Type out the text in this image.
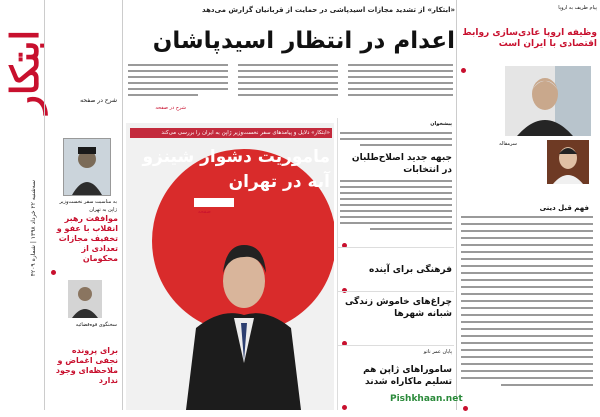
ابتکار
سه‌شنبه ۲۲ خرداد ۱۳۹۸ | شماره ۴۲۰۹
شرح در صفحه
به مناسبت سفر نخست‌وزیر ژاپن به تهران
موافقت رهبر انقلاب با عفو و تخفیف مجازات تعدادی از محکومان
سخنگوی قوه‌قضائیه
برای پرونده نجفی اغماض و ملاحظه‌ای وجود ندارد
«ابتکار» از تشدید مجازات اسیدپاشی در حمایت از قربانیان گزارش می‌دهد
اعدام در انتظار اسیدپاشان
شرح در صفحه
«ابتکار» دلایل و پیامدهای سفر نخست‌وزیر ژاپن به ایران را بررسی می‌کند
ماموریت دشوار شینزو آبه در تهران
صفحه
پیشخوان
جبهه جدید اصلاح‌طلبان در انتخابات
فرهنگی برای آینده
چراغ‌های خاموش زندگی شبانه شهرها
پایان عمر ناتو
ساموراهای ژاپن هم تسلیم ماکاراه شدند
پیام ظریف به اروپا
وظیفه اروپا عادی‌سازی روابط اقتصادی با ایران است
سرمقاله
فهم قبل دینی
Pishkhaan.net
